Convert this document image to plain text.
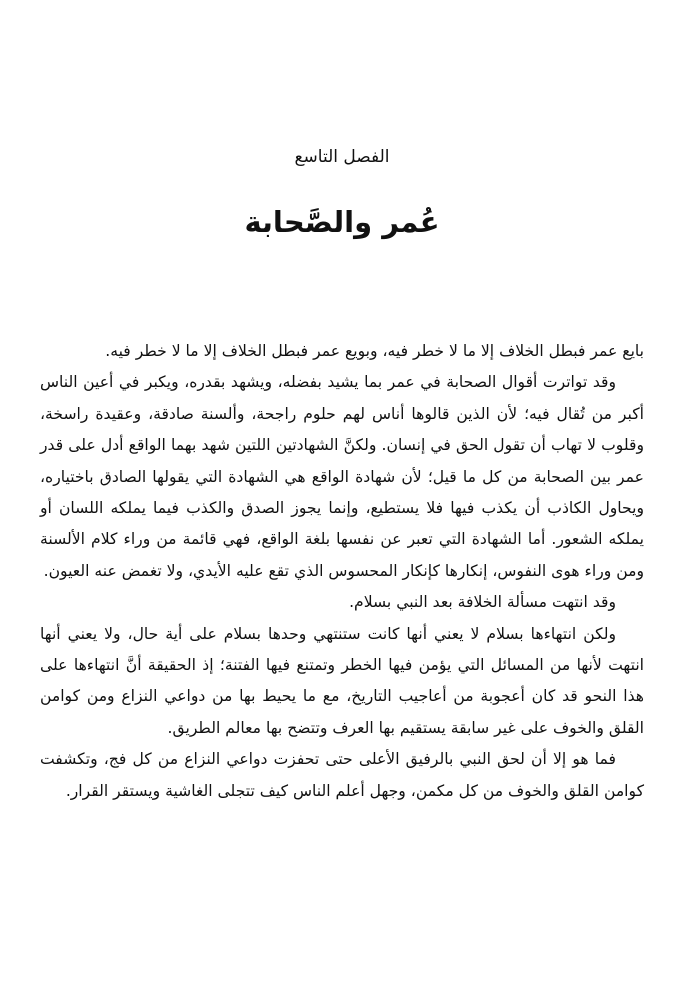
الفصل التاسع
عُمر والصَّحابة

بايع عمر فبطل الخلاف إلا ما لا خطر فيه، وبويع عمر فبطل الخلاف إلا ما لا خطر فيه.

وقد تواترت أقوال الصحابة في عمر بما يشيد بفضله، ويشهد بقدره، ويكبر في أعين الناس أكبر من تُقال فيه؛ لأن الذين قالوها أناس لهم حلوم راجحة، وألسنة صادقة، وعقيدة راسخة، وقلوب لا تهاب أن تقول الحق في إنسان. ولكنَّ الشهادتين اللتين شهد بهما الواقع أدل على قدر عمر بين الصحابة من كل ما قيل؛ لأن شهادة الواقع هي الشهادة التي يقولها الصادق باختياره، ويحاول الكاذب أن يكذب فيها فلا يستطيع، وإنما يجوز الصدق والكذب فيما يملكه اللسان أو يملكه الشعور. أما الشهادة التي تعبر عن نفسها بلغة الواقع، فهي قائمة من وراء كلام الألسنة ومن وراء هوى النفوس، إنكارها كإنكار المحسوس الذي تقع عليه الأيدي، ولا تغمض عنه العيون.

وقد انتهت مسألة الخلافة بعد النبي بسلام.

ولكن انتهاءها بسلام لا يعني أنها كانت ستنتهي وحدها بسلام على أية حال، ولا يعني أنها انتهت لأنها من المسائل التي يؤمن فيها الخطر وتمتنع فيها الفتنة؛ إذ الحقيقة أنَّ انتهاءها على هذا النحو قد كان أعجوبة من أعاجيب التاريخ، مع ما يحيط بها من دواعي النزاع ومن كوامن القلق والخوف على غير سابقة يستقيم بها العرف وتتضح بها معالم الطريق.

فما هو إلا أن لحق النبي بالرفيق الأعلى حتى تحفزت دواعي النزاع من كل فج، وتكشفت كوامن القلق والخوف من كل مكمن، وجهل أعلم الناس كيف تتجلى الغاشية ويستقر القرار.
